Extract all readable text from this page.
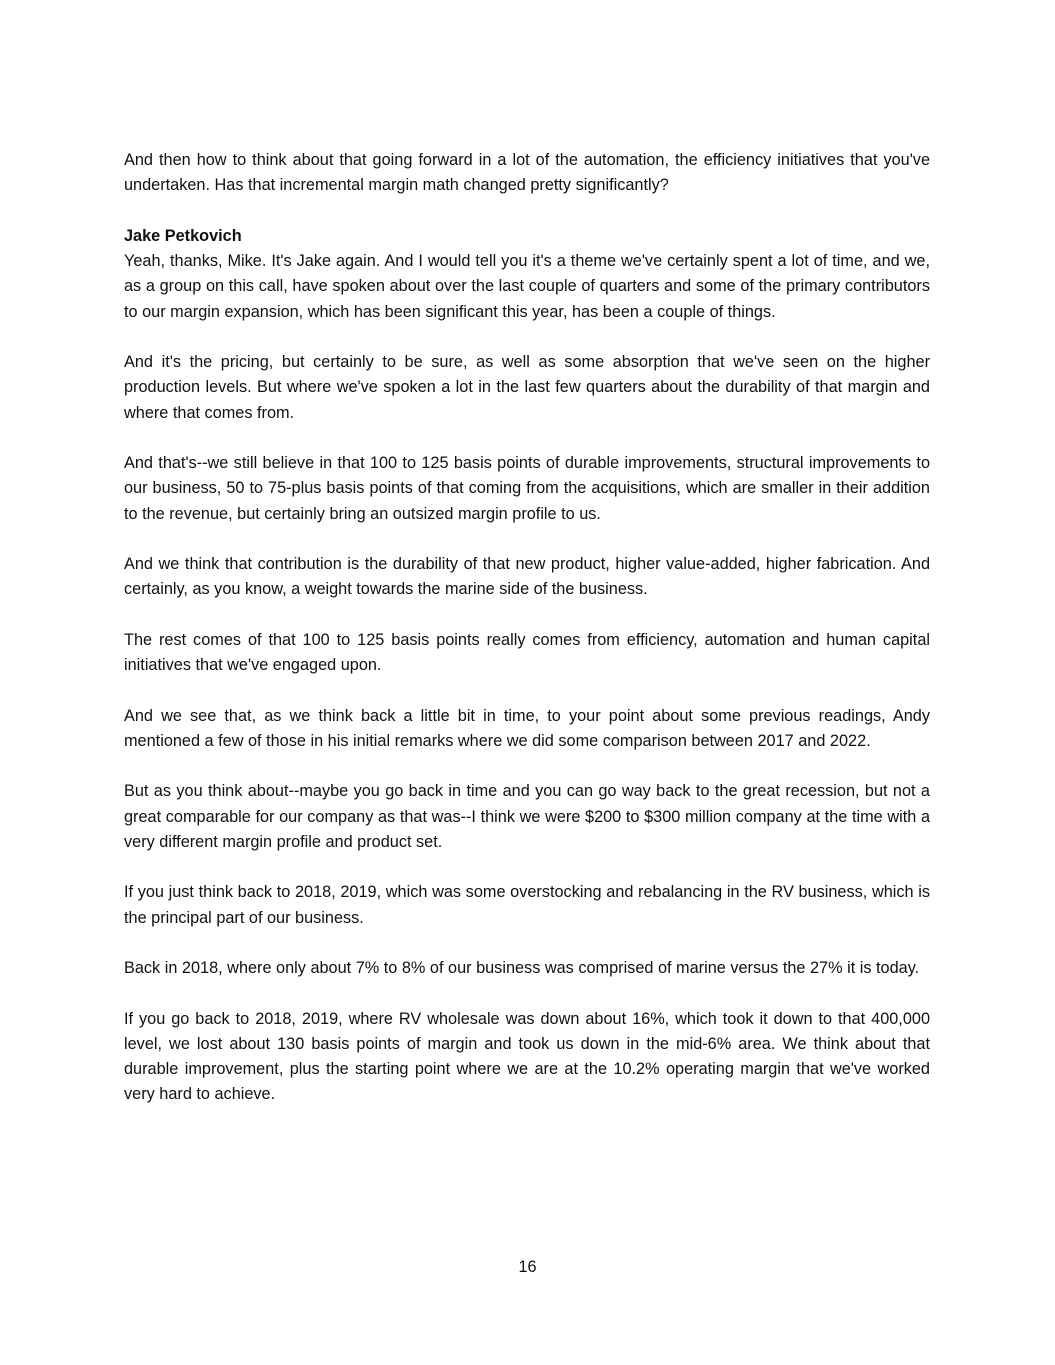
And then how to think about that going forward in a lot of the automation, the efficiency initiatives that you've undertaken. Has that incremental margin math changed pretty significantly?

Jake Petkovich

Yeah, thanks, Mike. It's Jake again. And I would tell you it's a theme we've certainly spent a lot of time, and we, as a group on this call, have spoken about over the last couple of quarters and some of the primary contributors to our margin expansion, which has been significant this year, has been a couple of things.

And it's the pricing, but certainly to be sure, as well as some absorption that we've seen on the higher production levels. But where we've spoken a lot in the last few quarters about the durability of that margin and where that comes from.

And that's--we still believe in that 100 to 125 basis points of durable improvements, structural improvements to our business, 50 to 75-plus basis points of that coming from the acquisitions, which are smaller in their addition to the revenue, but certainly bring an outsized margin profile to us.

And we think that contribution is the durability of that new product, higher value-added, higher fabrication. And certainly, as you know, a weight towards the marine side of the business.

The rest comes of that 100 to 125 basis points really comes from efficiency, automation and human capital initiatives that we've engaged upon.

And we see that, as we think back a little bit in time, to your point about some previous readings, Andy mentioned a few of those in his initial remarks where we did some comparison between 2017 and 2022.

But as you think about--maybe you go back in time and you can go way back to the great recession, but not a great comparable for our company as that was--I think we were $200 to $300 million company at the time with a very different margin profile and product set.

If you just think back to 2018, 2019, which was some overstocking and rebalancing in the RV business, which is the principal part of our business.

Back in 2018, where only about 7% to 8% of our business was comprised of marine versus the 27% it is today.

If you go back to 2018, 2019, where RV wholesale was down about 16%, which took it down to that 400,000 level, we lost about 130 basis points of margin and took us down in the mid-6% area. We think about that durable improvement, plus the starting point where we are at the 10.2% operating margin that we've worked very hard to achieve.

16
